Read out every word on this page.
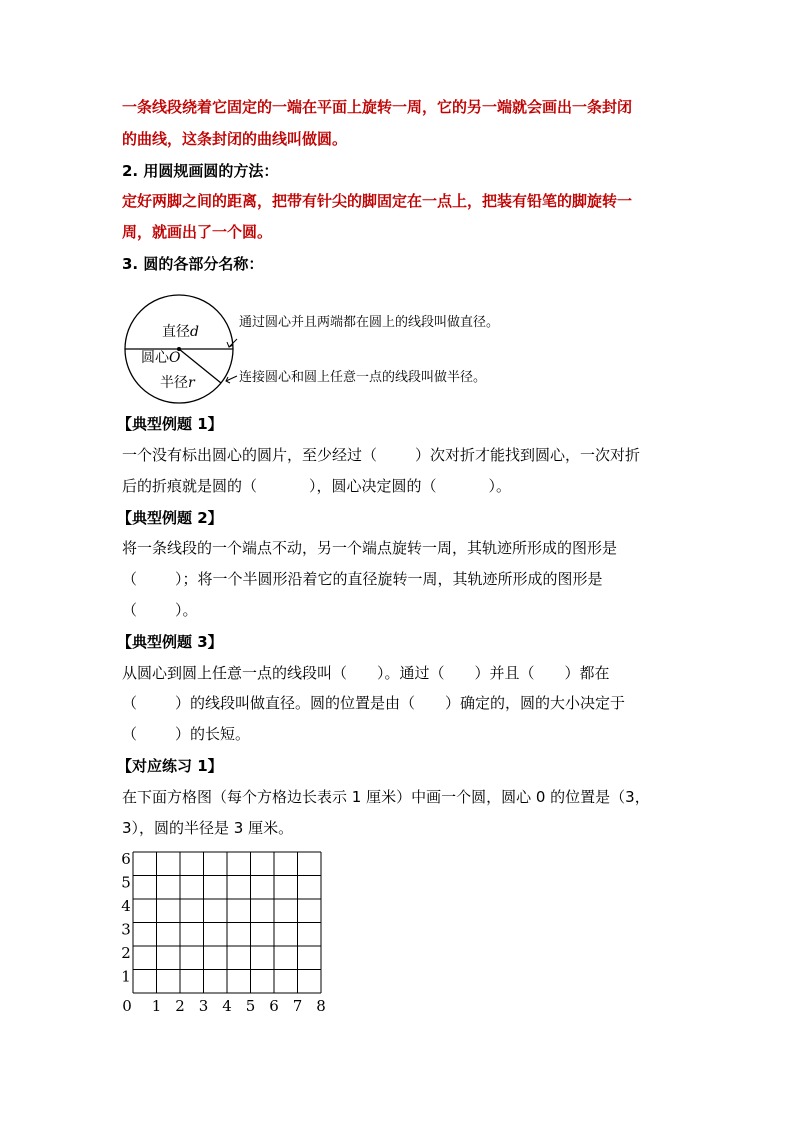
一条线段绕着它固定的一端在平面上旋转一周，它的另一端就会画出一条封闭
的曲线，这条封闭的曲线叫做圆。
2. 用圆规画圆的方法：
定好两脚之间的距离，把带有针尖的脚固定在一点上，把装有铅笔的脚旋转一
周，就画出了一个圆。
3. 圆的各部分名称：
直径d
圆心O
半径r
通过圆心并且两端都在圆上的线段叫做直径。
连接圆心和圆上任意一点的线段叫做半径。
【典型例题 1】
一个没有标出圆心的圆片，至少经过（	）次对折才能找到圆心，一次对折
后的折痕就是圆的（	），圆心决定圆的（	）。
【典型例题 2】
将一条线段的一个端点不动，另一个端点旋转一周，其轨迹所形成的图形是
（	）；将一个半圆形沿着它的直径旋转一周，其轨迹所形成的图形是
（	）。
【典型例题 3】
从圆心到圆上任意一点的线段叫（ ）。通过（ ）并且（ ）都在
（	）的线段叫做直径。圆的位置是由（ ）确定的，圆的大小决定于
（	）的长短。
【对应练习 1】
在下面方格图（每个方格边长表示 1 厘米）中画一个圆，圆心 0 的位置是（3，
3），圆的半径是 3 厘米。
0 1 2 3 4 5 6 7 8
1
2
3
4
5
6
